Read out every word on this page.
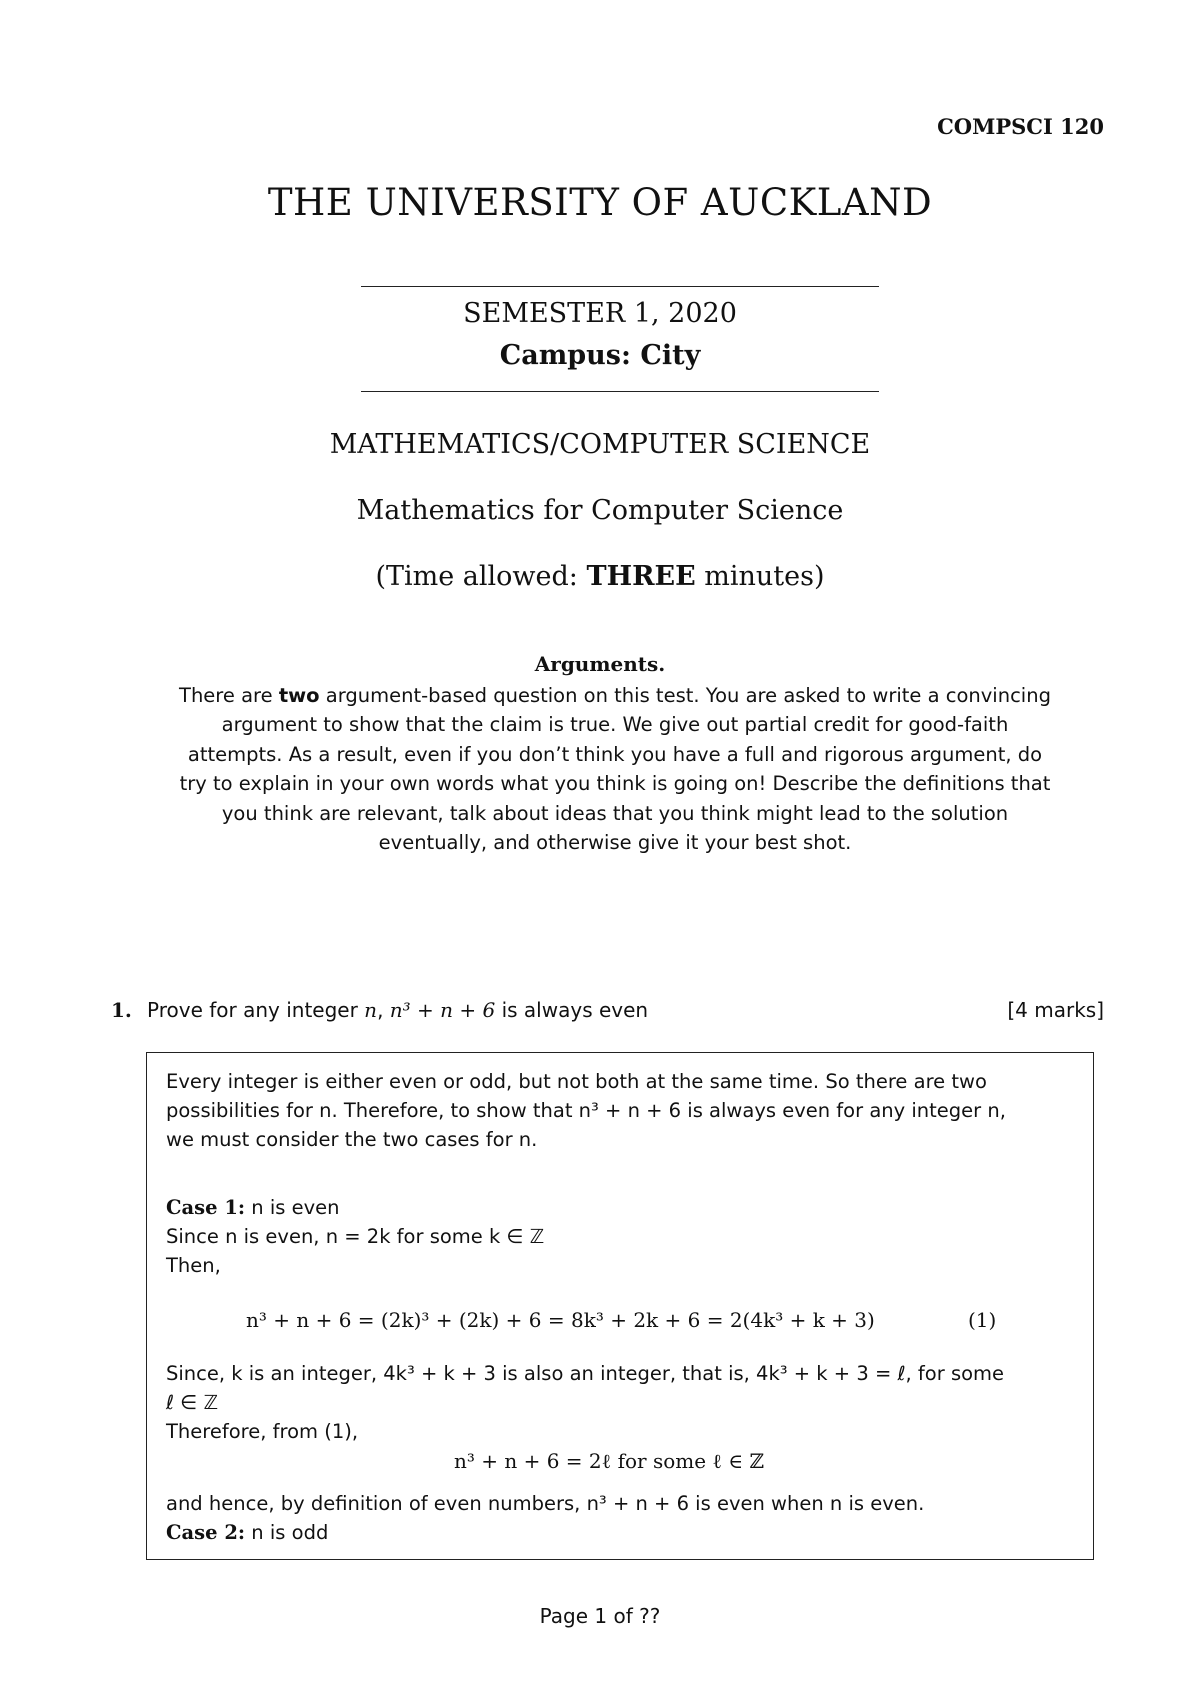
COMPSCI 120
THE UNIVERSITY OF AUCKLAND
SEMESTER 1, 2020
Campus: City
MATHEMATICS/COMPUTER SCIENCE
Mathematics for Computer Science
(Time allowed: THREE minutes)
Arguments.

There are two argument-based question on this test. You are asked to write a convincing

argument to show that the claim is true. We give out partial credit for good-faith

attempts. As a result, even if you don’t think you have a full and rigorous argument, do

try to explain in your own words what you think is going on! Describe the definitions that

you think are relevant, talk about ideas that you think might lead to the solution

eventually, and otherwise give it your best shot.

1. Prove for any integer n, n³ + n + 6 is always even	[4 marks]
Every integer is either even or odd, but not both at the same time. So there are two
possibilities for n. Therefore, to show that n³ + n + 6 is always even for any integer n,
we must consider the two cases for n.
Case 1: n is even
Since n is even, n = 2k for some k ∈ ℤ
Then,
n³ + n + 6 = (2k)³ + (2k) + 6 = 8k³ + 2k + 6 = 2(4k³ + k + 3)	(1)
Since, k is an integer, 4k³ + k + 3 is also an integer, that is, 4k³ + k + 3 = ℓ, for some
ℓ ∈ ℤ
Therefore, from (1),
n³ + n + 6 = 2ℓ for some ℓ ∈ ℤ
and hence, by definition of even numbers, n³ + n + 6 is even when n is even.
Case 2: n is odd
Page 1 of ??
